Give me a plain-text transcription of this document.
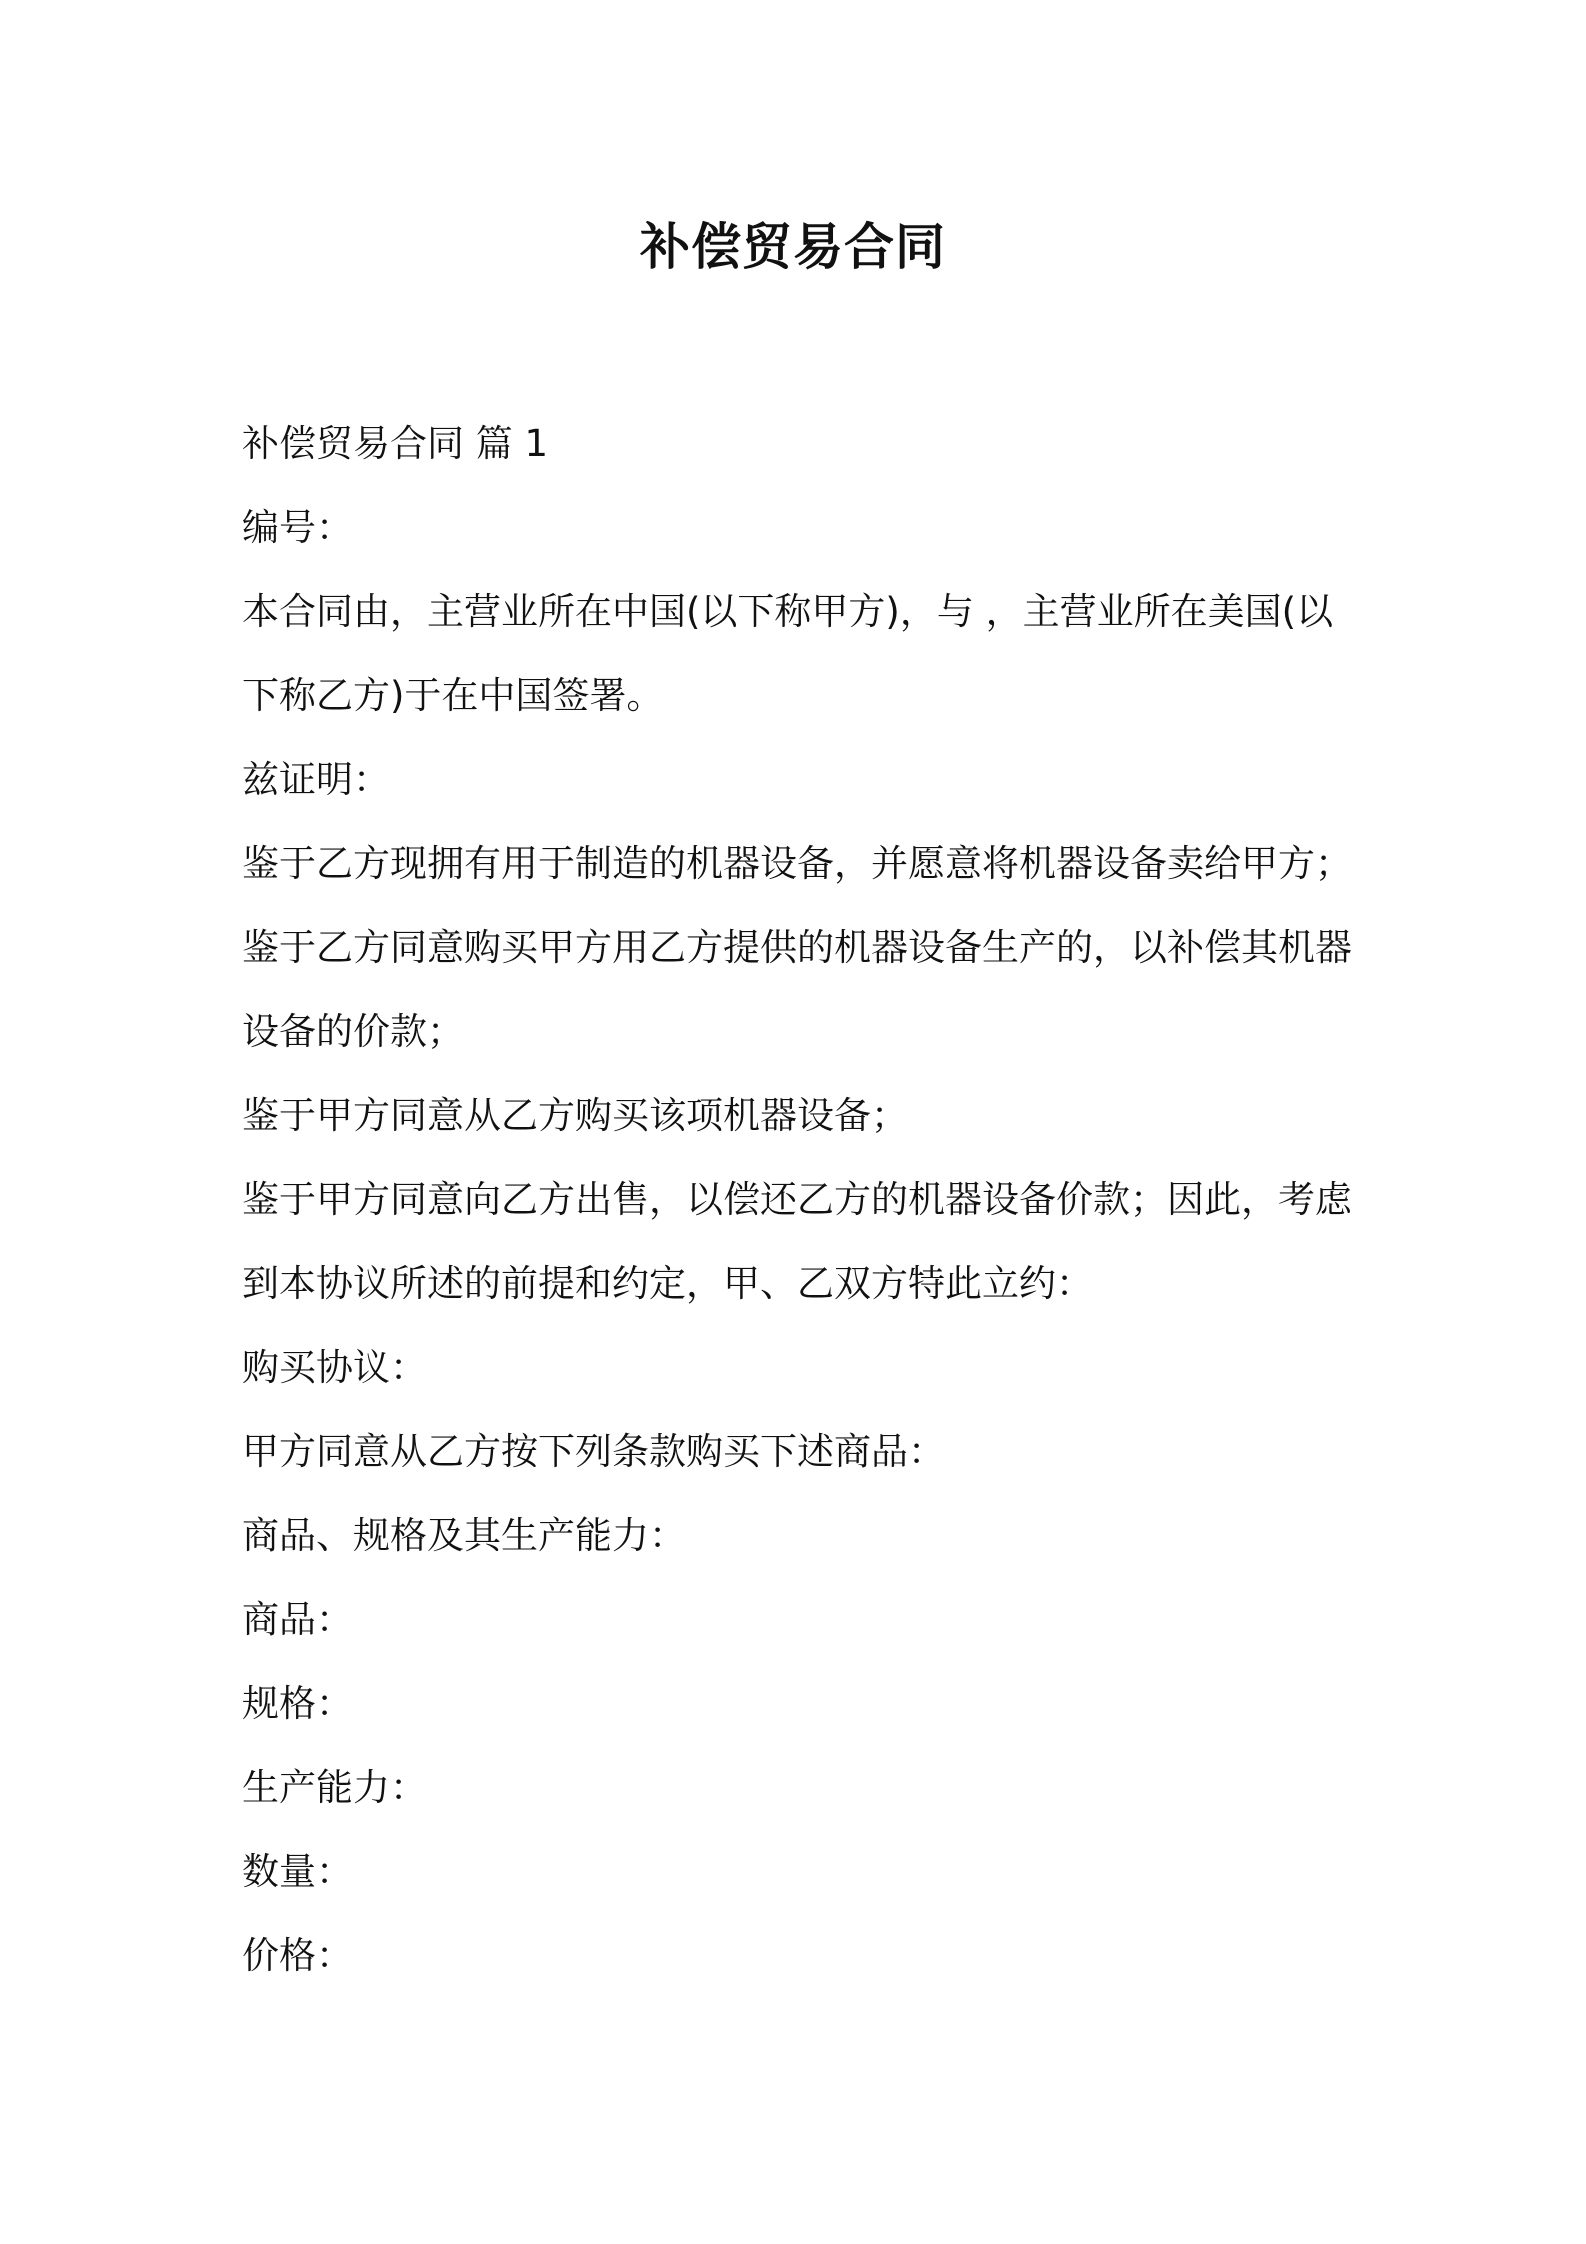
补偿贸易合同

补偿贸易合同 篇 1

编号：

本合同由，主营业所在中国(以下称甲方)，与 ，主营业所在美国(以

下称乙方)于在中国签署。

兹证明：

鉴于乙方现拥有用于制造的机器设备，并愿意将机器设备卖给甲方；

鉴于乙方同意购买甲方用乙方提供的机器设备生产的，以补偿其机器

设备的价款；

鉴于甲方同意从乙方购买该项机器设备；

鉴于甲方同意向乙方出售，以偿还乙方的机器设备价款；因此，考虑

到本协议所述的前提和约定，甲、乙双方特此立约：

购买协议：

甲方同意从乙方按下列条款购买下述商品：

商品、规格及其生产能力：

商品：

规格：

生产能力：

数量：

价格：
